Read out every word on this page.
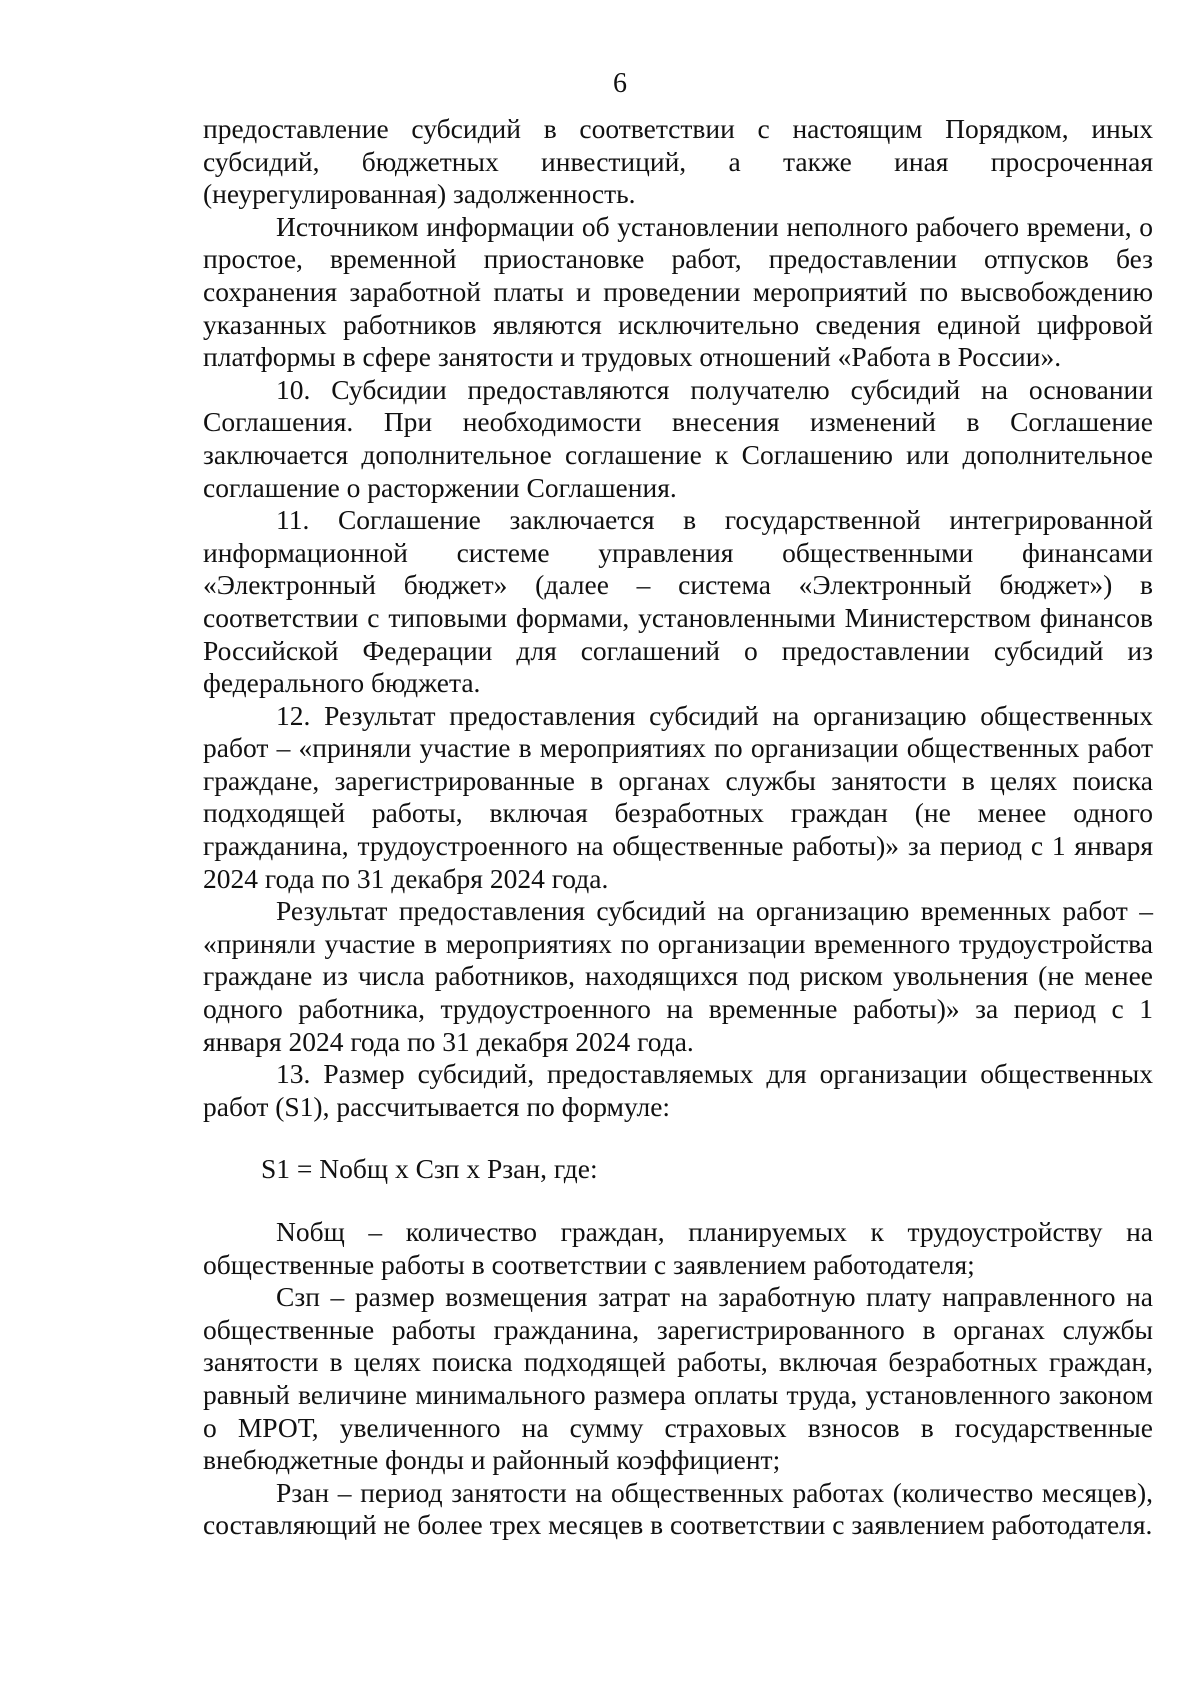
6

предоставление субсидий в соответствии с настоящим Порядком, иных субсидий, бюджетных инвестиций, а также иная просроченная (неурегулированная) задолженность.

Источником информации об установлении неполного рабочего времени, о простое, временной приостановке работ, предоставлении отпусков без сохранения заработной платы и проведении мероприятий по высвобождению указанных работников являются исключительно сведения единой цифровой платформы в сфере занятости и трудовых отношений «Работа в России».

10. Субсидии предоставляются получателю субсидий на основании Соглашения. При необходимости внесения изменений в Соглашение заключается дополнительное соглашение к Соглашению или дополнительное соглашение о расторжении Соглашения.

11. Соглашение заключается в государственной интегрированной информационной системе управления общественными финансами «Электронный бюджет» (далее – система «Электронный бюджет») в соответствии с типовыми формами, установленными Министерством финансов Российской Федерации для соглашений о предоставлении субсидий из федерального бюджета.

12. Результат предоставления субсидий на организацию общественных работ – «приняли участие в мероприятиях по организации общественных работ граждане, зарегистрированные в органах службы занятости в целях поиска подходящей работы, включая безработных граждан (не менее одного гражданина, трудоустроенного на общественные работы)» за период с 1 января 2024 года по 31 декабря 2024 года.

Результат предоставления субсидий на организацию временных работ – «приняли участие в мероприятиях по организации временного трудоустройства граждане из числа работников, находящихся под риском увольнения (не менее одного работника, трудоустроенного на временные работы)» за период с 1 января 2024 года по 31 декабря 2024 года.

13. Размер субсидий, предоставляемых для организации общественных работ (S1), рассчитывается по формуле:

S1 = Nобщ x Сзп x Рзан, где:

Nобщ – количество граждан, планируемых к трудоустройству на общественные работы в соответствии с заявлением работодателя;

Сзп – размер возмещения затрат на заработную плату направленного на общественные работы гражданина, зарегистрированного в органах службы занятости в целях поиска подходящей работы, включая безработных граждан, равный величине минимального размера оплаты труда, установленного законом о МРОТ, увеличенного на сумму страховых взносов в государственные внебюджетные фонды и районный коэффициент;

Рзан – период занятости на общественных работах (количество месяцев), составляющий не более трех месяцев в соответствии с заявлением работодателя.
